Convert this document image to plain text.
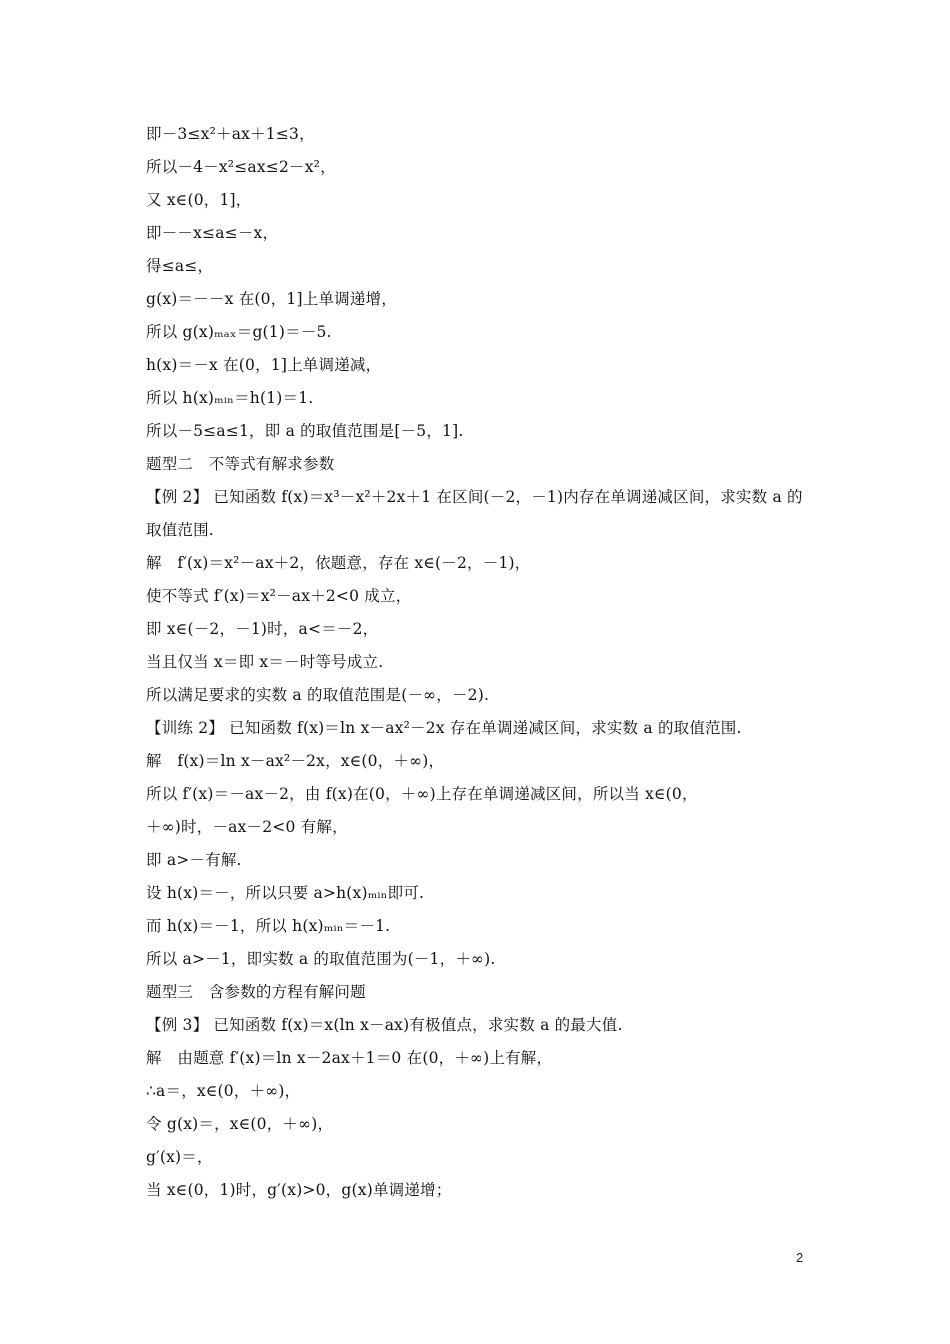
即－3≤x²＋ax＋1≤3，
所以－4－x²≤ax≤2－x²，
又 x∈(0，1]，
即－－x≤a≤－x，
得≤a≤，
g(x)＝－－x 在(0，1]上单调递增，
所以 g(x)ₘₐₓ＝g(1)＝－5.
h(x)＝－x 在(0，1]上单调递减，
所以 h(x)ₘᵢₙ＝h(1)＝1.
所以－5≤a≤1，即 a 的取值范围是[－5，1].
题型二　不等式有解求参数
【例 2】 已知函数 f(x)＝x³－x²＋2x＋1 在区间(－2，－1)内存在单调递减区间，求实数 a 的
取值范围.
解　f′(x)＝x²－ax＋2，依题意，存在 x∈(－2，－1)，
使不等式 f′(x)＝x²－ax＋2<0 成立，
即 x∈(－2，－1)时，a<＝－2，
当且仅当 x＝即 x＝－时等号成立.
所以满足要求的实数 a 的取值范围是(－∞，－2).
【训练 2】 已知函数 f(x)＝ln x－ax²－2x 存在单调递减区间，求实数 a 的取值范围.
解　f(x)＝ln x－ax²－2x，x∈(0，＋∞)，
所以 f′(x)＝－ax－2，由 f(x)在(0，＋∞)上存在单调递减区间，所以当 x∈(0，
＋∞)时，－ax－2<0 有解，
即 a>－有解.
设 h(x)＝－，所以只要 a>h(x)ₘᵢₙ即可.
而 h(x)＝－1，所以 h(x)ₘᵢₙ＝－1.
所以 a>－1，即实数 a 的取值范围为(－1，＋∞).
题型三　含参数的方程有解问题
【例 3】 已知函数 f(x)＝x(ln x－ax)有极值点，求实数 a 的最大值.
解　由题意 f′(x)＝ln x－2ax＋1＝0 在(0，＋∞)上有解，
∴a＝，x∈(0，＋∞)，
令 g(x)＝，x∈(0，＋∞)，
g′(x)＝，
当 x∈(0，1)时，g′(x)>0，g(x)单调递增；
2
